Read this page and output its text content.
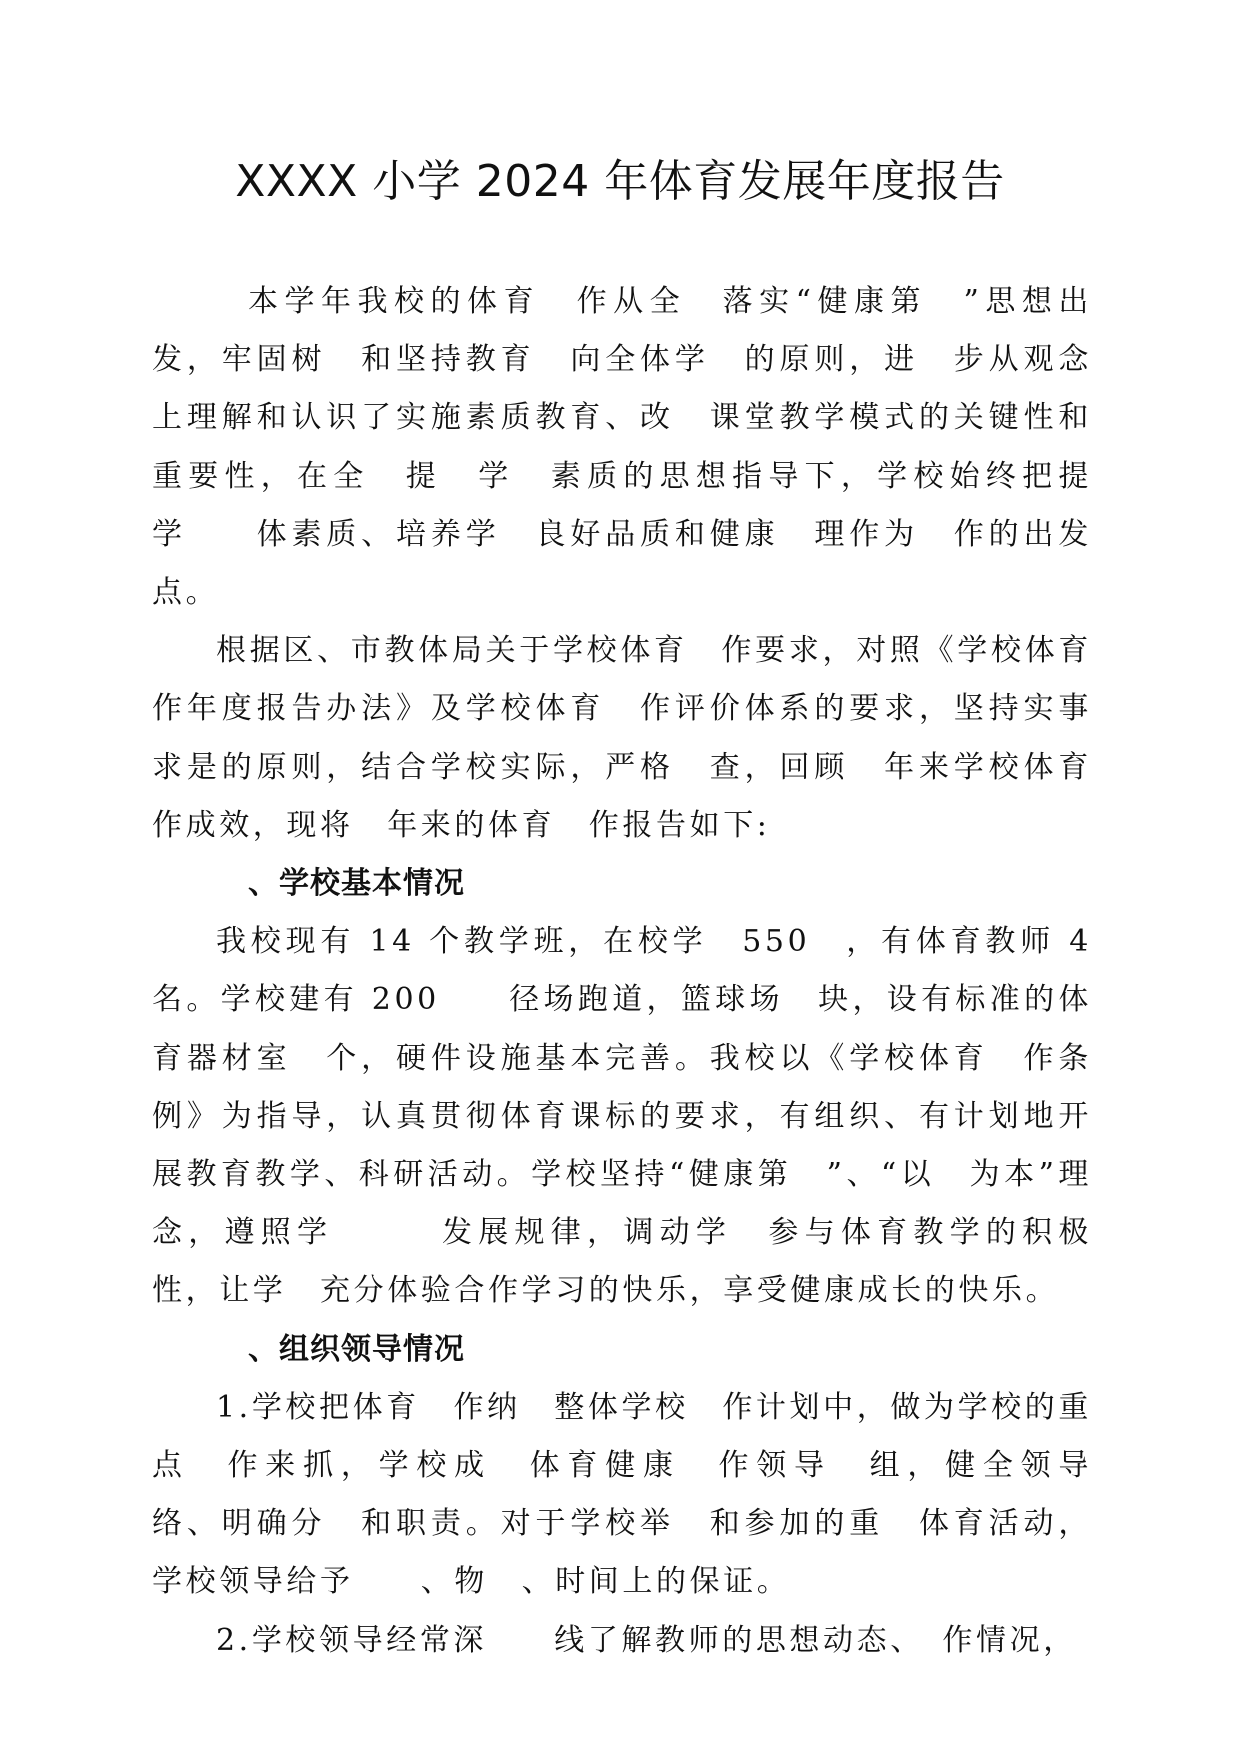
XXXX 小学 2024 年体育发展年度报告

本学年我校的体育　作从全　落实“健康第　”思想出发，牢固树　和坚持教育　向全体学　的原则，进　步从观念上理解和认识了实施素质教育、改　课堂教学模式的关键性和重要性，在全　提　学　素质的思想指导下，学校始终把提　学　　体素质、培养学　良好品质和健康　理作为　作的出发点。

根据区、市教体局关于学校体育　作要求，对照《学校体育　作年度报告办法》及学校体育　作评价体系的要求，坚持实事求是的原则，结合学校实际，严格　查，回顾　年来学校体育　作成效，现将　年来的体育　作报告如下:

、学校基本情况

我校现有 14 个教学班，在校学　550　，有体育教师 4 名。学校建有 200　　径场跑道，篮球场　块，设有标准的体育器材室　个，硬件设施基本完善。我校以《学校体育　作条例》为指导，认真贯彻体育课标的要求，有组织、有计划地开展教育教学、科研活动。学校坚持“健康第　”、“以　为本”理念，遵照学　　　发展规律，调动学　参与体育教学的积极性，让学　充分体验合作学习的快乐，享受健康成长的快乐。

、组织领导情况

1.学校把体育　作纳　整体学校　作计划中，做为学校的重点　作来抓，学校成　体育健康　作领导　组，健全领导　络、明确分　和职责。对于学校举　和参加的重　体育活动，学校领导给予　　、物　、时间上的保证。

2.学校领导经常深　　线了解教师的思想动态、　作情况，
